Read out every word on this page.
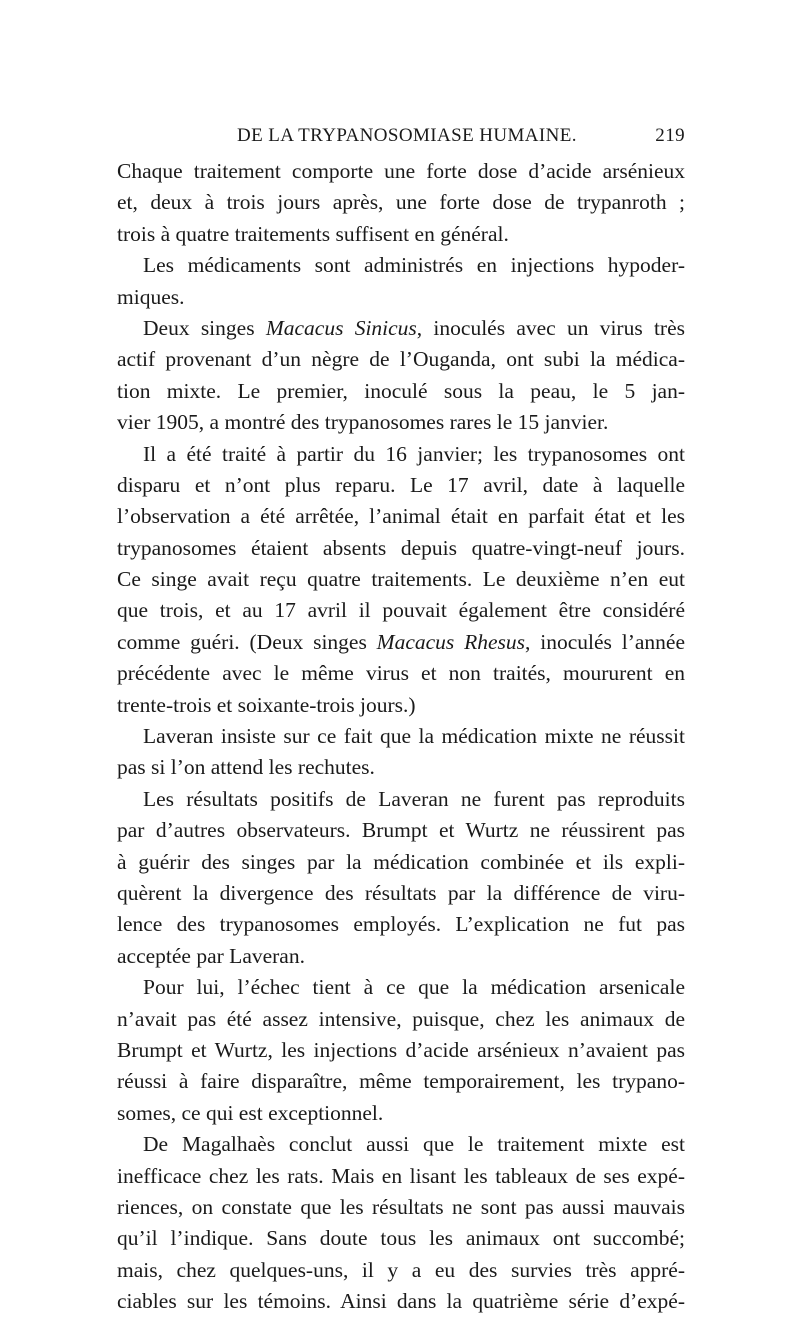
DE LA TRYPANOSOMIASE HUMAINE.	219
Chaque traitement comporte une forte dose d’acide arsénieux
et, deux à trois jours après, une forte dose de trypanroth ;
trois à quatre traitements suffisent en général.
Les médicaments sont administrés en injections hypoder-
miques.
Deux singes Macacus Sinicus, inoculés avec un virus très
actif provenant d’un nègre de l’Ouganda, ont subi la médica-
tion mixte. Le premier, inoculé sous la peau, le 5 jan-
vier 1905, a montré des trypanosomes rares le 15 janvier.
Il a été traité à partir du 16 janvier; les trypanosomes ont
disparu et n’ont plus reparu. Le 17 avril, date à laquelle
l’observation a été arrêtée, l’animal était en parfait état et les
trypanosomes étaient absents depuis quatre-vingt-neuf jours.
Ce singe avait reçu quatre traitements. Le deuxième n’en eut
que trois, et au 17 avril il pouvait également être considéré
comme guéri. (Deux singes Macacus Rhesus, inoculés l’année
précédente avec le même virus et non traités, moururent en
trente-trois et soixante-trois jours.)
Laveran insiste sur ce fait que la médication mixte ne réussit
pas si l’on attend les rechutes.
Les résultats positifs de Laveran ne furent pas reproduits
par d’autres observateurs. Brumpt et Wurtz ne réussirent pas
à guérir des singes par la médication combinée et ils expli-
quèrent la divergence des résultats par la différence de viru-
lence des trypanosomes employés. L’explication ne fut pas
acceptée par Laveran.
Pour lui, l’échec tient à ce que la médication arsenicale
n’avait pas été assez intensive, puisque, chez les animaux de
Brumpt et Wurtz, les injections d’acide arsénieux n’avaient pas
réussi à faire disparaître, même temporairement, les trypano-
somes, ce qui est exceptionnel.
De Magalhaès conclut aussi que le traitement mixte est
inefficace chez les rats. Mais en lisant les tableaux de ses expé-
riences, on constate que les résultats ne sont pas aussi mauvais
qu’il l’indique. Sans doute tous les animaux ont succombé;
mais, chez quelques-uns, il y a eu des survies très appré-
ciables sur les témoins. Ainsi dans la quatrième série d’expé-
